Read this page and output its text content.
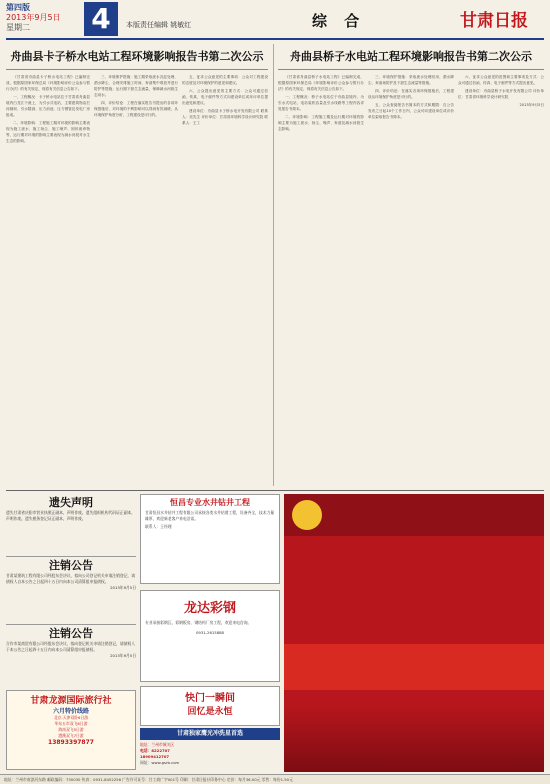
第四版
2013年9月5日
星期二	4	本版责任编辑 姚敏红	综 合	甘肃日报
舟曲县卡子桥水电站工程环境影响报告书第二次公示

《甘肃省舟曲县卡子桥水电站工程》已编制完成，根据原国家环保总局《环境影响评价公众参与暂行办法》的有关规定，现将有关信息公告如下。

一、工程概况：卡子桥水电站位于甘肃省舟曲县境内白龙江干流上，为引水式电站，主要建筑物由拦河闸坝、引水隧洞、压力前池、压力钢管及发电厂房组成。

二、环境影响：工程施工期对环境的影响主要表现为施工废水、施工扬尘、施工噪声、固体废弃物等，运行期对环境的影响主要表现为减水河段对水生生态的影响。

三、环境保护措施：施工期采取废水沉淀处理、洒水降尘、合理安排施工时间、弃渣集中堆放并进行防护等措施；运行期下泄生态流量，保障减水河段生态用水。

四、评价结论：工程在落实报告书提出的各项环保措施后，对环境的不利影响可以得到有效减缓，从环境保护角度分析，工程建设是可行的。

五、征求公众意见的主要事项：公众对工程建设的态度及对环境保护的意见和建议。

六、公众提出意见的主要方式：公众可通过信函、传真、电子邮件等方式向建设单位或环评单位提出意见和建议。

建设单位：舟曲县卡子桥水电开发有限公司 联系人：吴先生 评价单位：甘肃省环境科学设计研究院 联系人：王工

舟曲县桥子水电站工程环境影响报告书第二次公示

《甘肃省舟曲县桥子水电站工程》已编制完成，根据原国家环保总局《环境影响评价公众参与暂行办法》的有关规定，现将有关信息公告如下。

一、工程概况：桥子水电站位于舟曲县境内，为引水式电站，电站装机容量及引水线路等工程内容详见报告书简本。

二、环境影响：工程施工期及运行期对环境的影响主要为施工废水、扬尘、噪声、弃渣及减水河段生态影响。

三、环境保护措施：采取废水处理回用、洒水降尘、弃渣场防护及下泄生态流量等措施。

四、评价结论：在落实各项环保措施后，工程建设从环境保护角度是可行的。

五、公众查阅报告书简本的方式和期限：自公告发布之日起10个工作日内，公众可向建设单位或评价单位索取报告书简本。

六、征求公众意见的范围和主要事项及方式：公众可通过信函、传真、电子邮件等方式提出意见。

建设单位：舟曲县桥子水电开发有限公司 评价单位：甘肃省环境科学设计研究院

2013年9月5日

遗失声明
遗失甘肃省庆阳市营业执照正副本，声明作废。遗失组织机构代码证正副本，声明作废。遗失税务登记证正副本，声明作废。
注销公告
甘肃某建筑工程有限公司经股东会决议，拟向公司登记机关申请注销登记，请债权人自本公告之日起四十五日内向本公司清算组申报债权。
2013年9月5日
注销公告
合作市某商贸有限公司经股东会决议，拟向登记机关申请注销登记，请债权人于本公告之日起四十五日内向本公司清算组申报债权。
2013年9月5日
甘肃龙源国际旅行社
六月特价线路
北京-天津双卧6日游
华东五市双飞6日游
海南双飞5日游
港澳双飞7日游
13893397877
恒昌专业水井钻井工程
甘肃恒昌水井钻井工程有限公司承接各类水井钻凿工程，设备齐全，技术力量雄厚，欢迎新老客户来电洽谈。
联系人：王经理
龙达彩钢
专业承接彩钢瓦、彩钢板房、钢结构厂房工程，欢迎来电咨询。
0931-2615888
快门一瞬间
回忆是永恒
甘肃独家鹰光冲洗星首选
地址：兰州市城关区
电话：8222707
18909412707
网址：www.gsrb.com
地址：兰州市南滨河东路 邮政编码：730030 传真：0931-8452256 广告许可证号：甘工商广字001号 印刷：甘肃日报社印务中心 定价：每月36.00元 零售：每份1.50元
